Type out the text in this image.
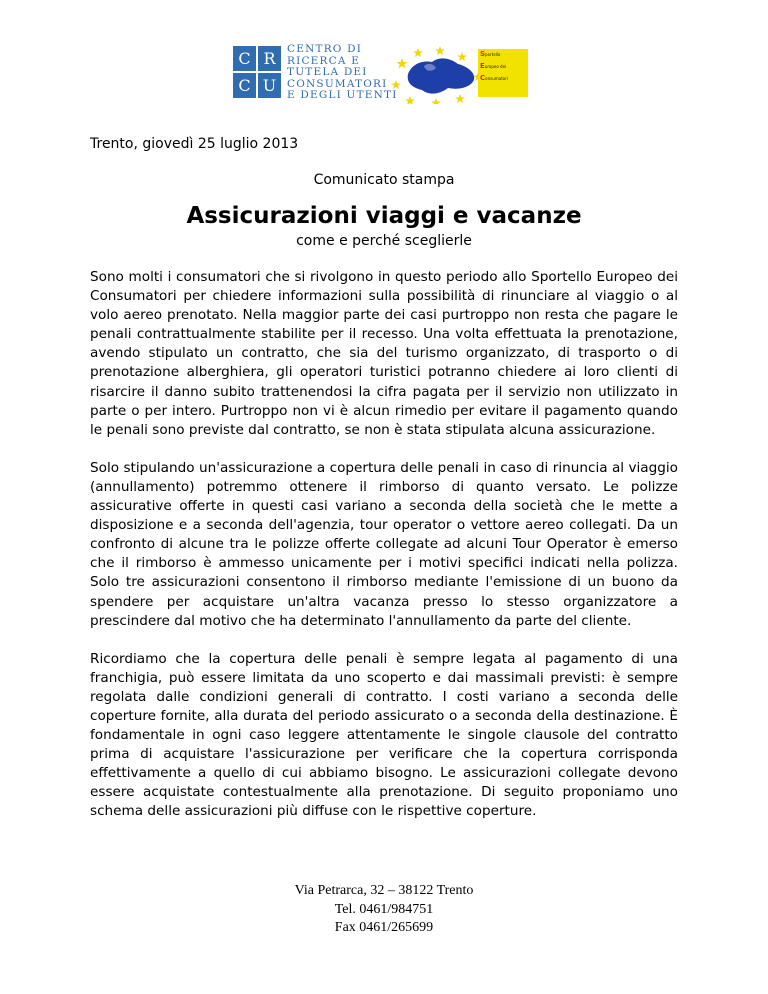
C R
C U
CENTRO DI
RICERCA E
TUTELA DEI
CONSUMATORI
E DEGLI UTENTI
Sportello
Europeo dei
Consumatori
Trento, giovedì 25 luglio 2013
Comunicato stampa
Assicurazioni viaggi e vacanze
come e perché sceglierle

Sono molti i consumatori che si rivolgono in questo periodo allo Sportello Europeo dei Consumatori per chiedere informazioni sulla possibilità di rinunciare al viaggio o al volo aereo prenotato. Nella maggior parte dei casi purtroppo non resta che pagare le penali contrattualmente stabilite per il recesso. Una volta effettuata la prenotazione, avendo stipulato un contratto, che sia del turismo organizzato, di trasporto o di prenotazione alberghiera, gli operatori turistici potranno chiedere ai loro clienti di risarcire il danno subito trattenendosi la cifra pagata per il servizio non utilizzato in parte o per intero. Purtroppo non vi è alcun rimedio per evitare il pagamento quando le penali sono previste dal contratto, se non è stata stipulata alcuna assicurazione.

Solo stipulando un'assicurazione a copertura delle penali in caso di rinuncia al viaggio (annullamento) potremmo ottenere il rimborso di quanto versato. Le polizze assicurative offerte in questi casi variano a seconda della società che le mette a disposizione e a seconda dell'agenzia, tour operator o vettore aereo collegati. Da un confronto di alcune tra le polizze offerte collegate ad alcuni Tour Operator è emerso che il rimborso è ammesso unicamente per i motivi specifici indicati nella polizza. Solo tre assicurazioni consentono il rimborso mediante l'emissione di un buono da spendere per acquistare un'altra vacanza presso lo stesso organizzatore a prescindere dal motivo che ha determinato l'annullamento da parte del cliente.

Ricordiamo che la copertura delle penali è sempre legata al pagamento di una franchigia, può essere limitata da uno scoperto e dai massimali previsti: è sempre regolata dalle condizioni generali di contratto. I costi variano a seconda delle coperture fornite, alla durata del periodo assicurato o a seconda della destinazione. È fondamentale in ogni caso leggere attentamente le singole clausole del contratto prima di acquistare l'assicurazione per verificare che la copertura corrisponda effettivamente a quello di cui abbiamo bisogno. Le assicurazioni collegate devono essere acquistate contestualmente alla prenotazione. Di seguito proponiamo uno schema delle assicurazioni più diffuse con le rispettive coperture.

Via Petrarca, 32 – 38122 Trento
Tel. 0461/984751
Fax 0461/265699
